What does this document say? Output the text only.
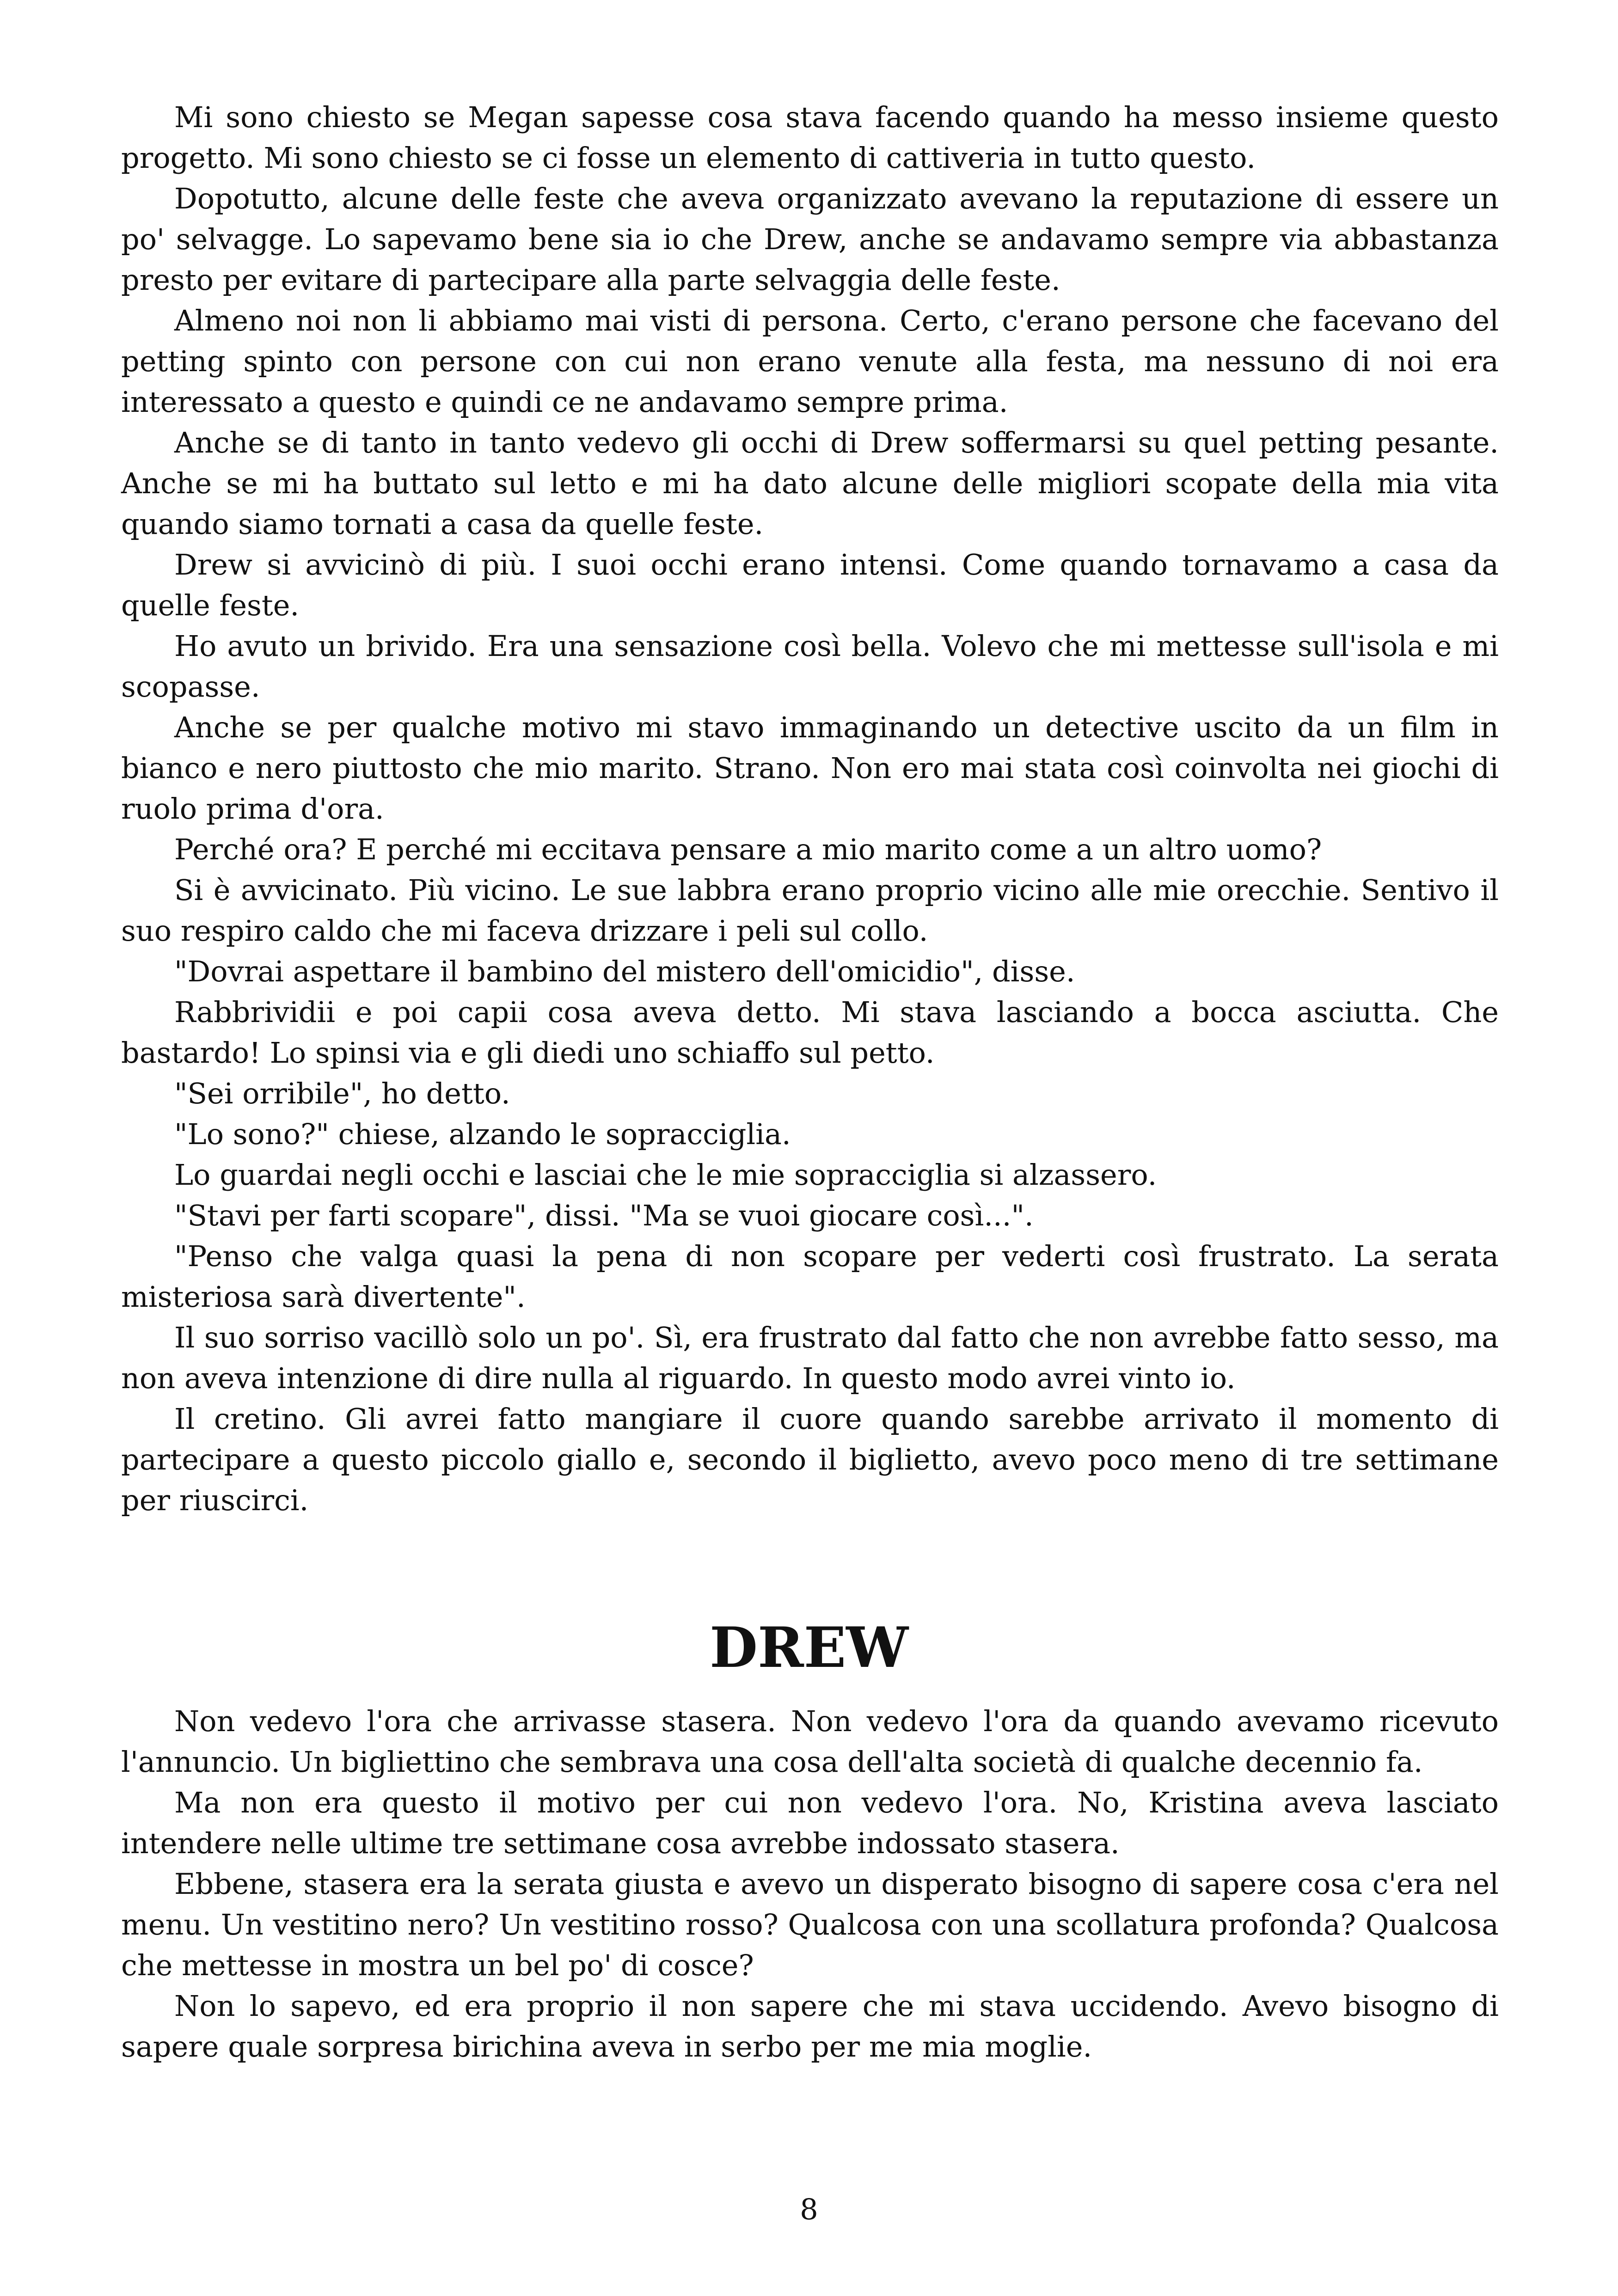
Mi sono chiesto se Megan sapesse cosa stava facendo quando ha messo insieme questo progetto. Mi sono chiesto se ci fosse un elemento di cattiveria in tutto questo.

Dopotutto, alcune delle feste che aveva organizzato avevano la reputazione di essere un po' selvagge. Lo sapevamo bene sia io che Drew, anche se andavamo sempre via abbastanza presto per evitare di partecipare alla parte selvaggia delle feste.

Almeno noi non li abbiamo mai visti di persona. Certo, c'erano persone che facevano del petting spinto con persone con cui non erano venute alla festa, ma nessuno di noi era interessato a questo e quindi ce ne andavamo sempre prima.

Anche se di tanto in tanto vedevo gli occhi di Drew soffermarsi su quel petting pesante. Anche se mi ha buttato sul letto e mi ha dato alcune delle migliori scopate della mia vita quando siamo tornati a casa da quelle feste.

Drew si avvicinò di più. I suoi occhi erano intensi. Come quando tornavamo a casa da quelle feste.

Ho avuto un brivido. Era una sensazione così bella. Volevo che mi mettesse sull'isola e mi scopasse.

Anche se per qualche motivo mi stavo immaginando un detective uscito da un film in bianco e nero piuttosto che mio marito. Strano. Non ero mai stata così coinvolta nei giochi di ruolo prima d'ora.

Perché ora? E perché mi eccitava pensare a mio marito come a un altro uomo?

Si è avvicinato. Più vicino. Le sue labbra erano proprio vicino alle mie orecchie. Sentivo il suo respiro caldo che mi faceva drizzare i peli sul collo.

"Dovrai aspettare il bambino del mistero dell'omicidio", disse.

Rabbrividii e poi capii cosa aveva detto. Mi stava lasciando a bocca asciutta. Che bastardo! Lo spinsi via e gli diedi uno schiaffo sul petto.

"Sei orribile", ho detto.

"Lo sono?" chiese, alzando le sopracciglia.

Lo guardai negli occhi e lasciai che le mie sopracciglia si alzassero.

"Stavi per farti scopare", dissi. "Ma se vuoi giocare così...".

"Penso che valga quasi la pena di non scopare per vederti così frustrato. La serata misteriosa sarà divertente".

Il suo sorriso vacillò solo un po'. Sì, era frustrato dal fatto che non avrebbe fatto sesso, ma non aveva intenzione di dire nulla al riguardo. In questo modo avrei vinto io.

Il cretino. Gli avrei fatto mangiare il cuore quando sarebbe arrivato il momento di partecipare a questo piccolo giallo e, secondo il biglietto, avevo poco meno di tre settimane per riuscirci.

DREW

Non vedevo l'ora che arrivasse stasera. Non vedevo l'ora da quando avevamo ricevuto l'annuncio. Un bigliettino che sembrava una cosa dell'alta società di qualche decennio fa.

Ma non era questo il motivo per cui non vedevo l'ora. No, Kristina aveva lasciato intendere nelle ultime tre settimane cosa avrebbe indossato stasera.

Ebbene, stasera era la serata giusta e avevo un disperato bisogno di sapere cosa c'era nel menu. Un vestitino nero? Un vestitino rosso? Qualcosa con una scollatura profonda? Qualcosa che mettesse in mostra un bel po' di cosce?

Non lo sapevo, ed era proprio il non sapere che mi stava uccidendo. Avevo bisogno di sapere quale sorpresa birichina aveva in serbo per me mia moglie.

8
